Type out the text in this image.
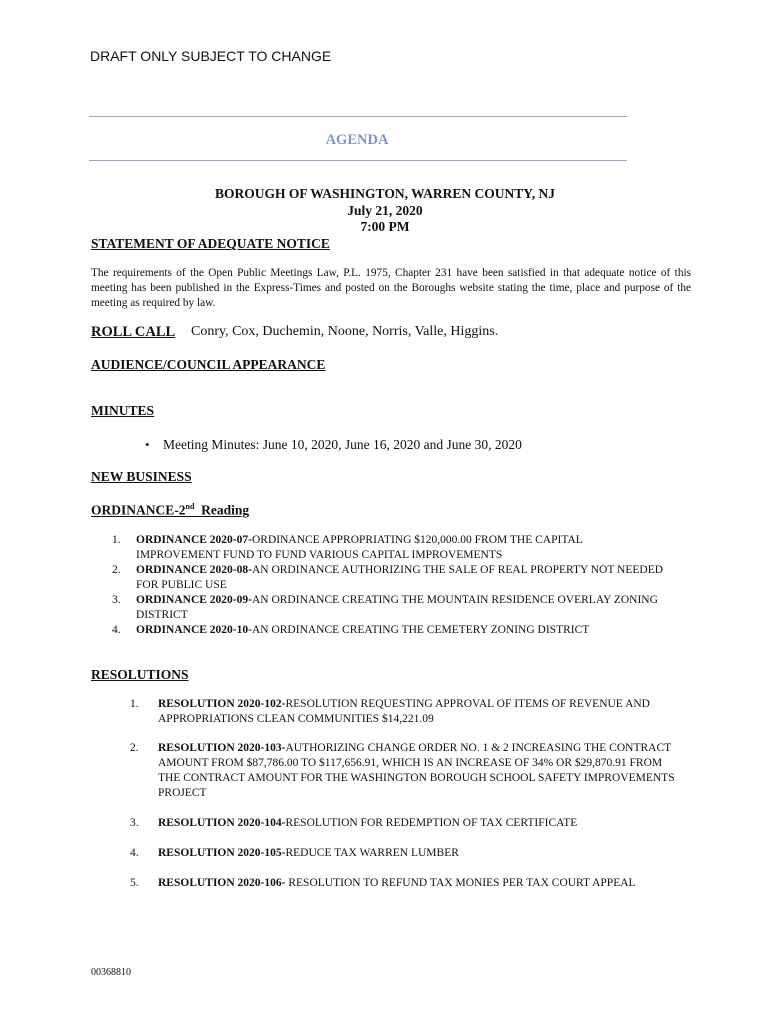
DRAFT ONLY SUBJECT TO CHANGE
AGENDA
BOROUGH OF WASHINGTON, WARREN COUNTY, NJ
July 21, 2020
7:00 PM
STATEMENT OF ADEQUATE NOTICE
The requirements of the Open Public Meetings Law, P.L. 1975, Chapter 231 have been satisfied in that adequate notice of this meeting has been published in the Express-Times and posted on the Boroughs website stating the time, place and purpose of the meeting as required by law.
ROLL CALL Conry, Cox, Duchemin, Noone, Norris, Valle, Higgins.
AUDIENCE/COUNCIL APPEARANCE
MINUTES
• Meeting Minutes: June 10, 2020, June 16, 2020 and June 30, 2020
NEW BUSINESS
ORDINANCE-2nd Reading
1.	ORDINANCE 2020-07-ORDINANCE APPROPRIATING $120,000.00 FROM THE CAPITAL IMPROVEMENT FUND TO FUND VARIOUS CAPITAL IMPROVEMENTS
2.	ORDINANCE 2020-08-AN ORDINANCE AUTHORIZING THE SALE OF REAL PROPERTY NOT NEEDED FOR PUBLIC USE
3.	ORDINANCE 2020-09-AN ORDINANCE CREATING THE MOUNTAIN RESIDENCE OVERLAY ZONING DISTRICT
4.	ORDINANCE 2020-10-AN ORDINANCE CREATING THE CEMETERY ZONING DISTRICT
RESOLUTIONS
1.	RESOLUTION 2020-102-RESOLUTION REQUESTING APPROVAL OF ITEMS OF REVENUE AND APPROPRIATIONS CLEAN COMMUNITIES $14,221.09
2.	RESOLUTION 2020-103-AUTHORIZING CHANGE ORDER NO. 1 & 2 INCREASING THE CONTRACT AMOUNT FROM $87,786.00 TO $117,656.91, WHICH IS AN INCREASE OF 34% OR $29,870.91 FROM THE CONTRACT AMOUNT FOR THE WASHINGTON BOROUGH SCHOOL SAFETY IMPROVEMENTS PROJECT
3.	RESOLUTION 2020-104-RESOLUTION FOR REDEMPTION OF TAX CERTIFICATE
4.	RESOLUTION 2020-105-REDUCE TAX WARREN LUMBER
5.	RESOLUTION 2020-106- RESOLUTION TO REFUND TAX MONIES PER TAX COURT APPEAL
00368810
